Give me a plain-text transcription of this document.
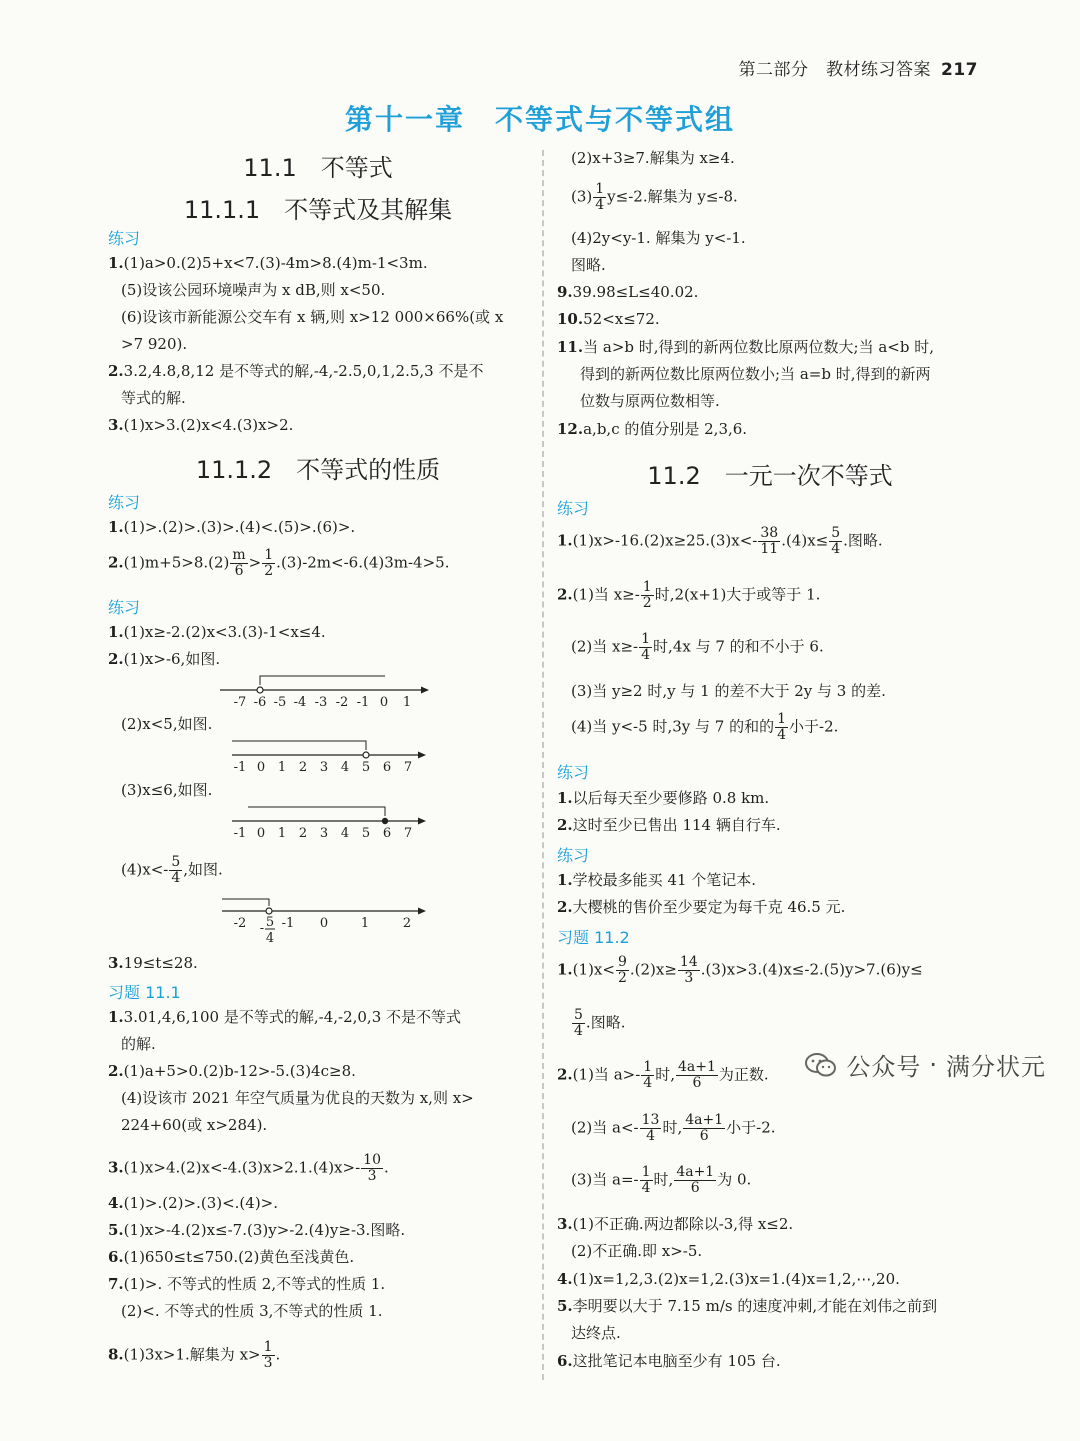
第二部分　教材练习答案 217
第十一章　不等式与不等式组
11.1　不等式
11.1.1　不等式及其解集
练习
1.(1)a>0.(2)5+x<7.(3)-4m>8.(4)m-1<3m.
(5)设该公园环境噪声为 x dB,则 x<50.
(6)设该市新能源公交车有 x 辆,则 x>12 000×66%(或 x
>7 920).
2.3.2,4.8,8,12 是不等式的解,-4,-2.5,0,1,2.5,3 不是不
等式的解.
3.(1)x>3.(2)x<4.(3)x>2.
11.1.2　不等式的性质
练习
1.(1)>.(2)>.(3)>.(4)<.(5)>.(6)>.
$2.(1)m+5>8.(2) \frac{m}{6} > \frac{1}{2} .(3)-2m<-6.(4)3m-4>5$.
练习
1.(1)x≥-2.(2)x<3.(3)-1<x≤4.
2.(1)x>-6,如图.
-7 -6 -5 -4 -3 -2 -1 0 1
(2)x<5,如图.
-1 0 1 2 3 4 5 6 7
(3)x≤6,如图.
-1 0 1 2 3 4 5 6 7
$(4)x<- \frac{5}{4}$ ,如图.
-2	-1 0	1	2
- 5
4
3.19≤t≤28.
习题 11.1
1.3.01,4,6,100 是不等式的解,-4,-2,0,3 不是不等式
的解.
2.(1)a+5>0.(2)b-12>-5.(3)4c≥8.
(4)设该市 2021 年空气质量为优良的天数为 x,则 x>
224+60(或 x>284).
$3.(1)x>4.(2)x<-4.(3)x>2.1.(4)x>- \frac{10}{3}$ .
4.(1)>.(2)>.(3)<.(4)>.
5.(1)x>-4.(2)x≤-7.(3)y>-2.(4)y≥-3.图略.
6.(1)650≤t≤750.(2)黄色至浅黄色.
7.(1)>. 不等式的性质 2,不等式的性质 1.
(2)<. 不等式的性质 3,不等式的性质 1.
8.(1)3x>1.解集为 $x> \frac{1}{3}$ .
(2)x+3≥7.解集为 x≥4.
$(3) \frac{1}{4} y\le-2$.解集为 y≤-8.
(4)2y<y-1. 解集为 y<-1.
图略.
9.39.98≤L≤40.02.
10.52<x≤72.
11.当 a>b 时,得到的新两位数比原两位数大;当 a<b 时,
得到的新两位数比原两位数小;当 a=b 时,得到的新两
位数与原两位数相等.
12.a,b,c 的值分别是 2,3,6.
11.2　一元一次不等式
练习
$1.(1)x>-16.(2)x\ge 25.(3)x<- \frac{38}{11} .(4)x\le \frac{5}{4}$ .图略.
2.(1)当 $x\ge- \frac{1}{2}$ 时,2(x+1)大于或等于 1.
(2)当 $x\ge- \frac{1}{4}$ 时,4x 与 7 的和不小于 6.
(3)当 y≥2 时,y 与 1 的差不大于 2y 与 3 的差.
(4)当 y<-5 时,3y 与 7 的和的 $\frac{1}{4}$ 小于-2.
练习
1.以后每天至少要修路 0.8 km.
2.这时至少已售出 114 辆自行车.
练习
1.学校最多能买 41 个笔记本.
2.大樱桃的售价至少要定为每千克 46.5 元.
习题 11.2
$1.(1)x< \frac{9}{2} .(2)x\ge \frac{14}{3} .(3)x>3.(4)x\le-2.(5)y>7.(6)y\le$
$\frac{5}{4}$ .图略.
2.(1)当 $a>- \frac{1}{4}$ 时, $\frac{4a+1}{6}$ 为正数.
(2)当 $a<- \frac{13}{4}$ 时, $\frac{4a+1}{6}$ 小于-2.
(3)当 $a=- \frac{1}{4}$ 时, $\frac{4a+1}{6}$ 为 0.
3.(1)不正确.两边都除以-3,得 x≤2.
(2)不正确.即 x>-5.
4.(1)x=1,2,3.(2)x=1,2.(3)x=1.(4)x=1,2,⋯,20.
5.李明要以大于 7.15 m/s 的速度冲刺,才能在刘伟之前到
达终点.
6.这批笔记本电脑至少有 105 台.
公众号 · 满分状元
